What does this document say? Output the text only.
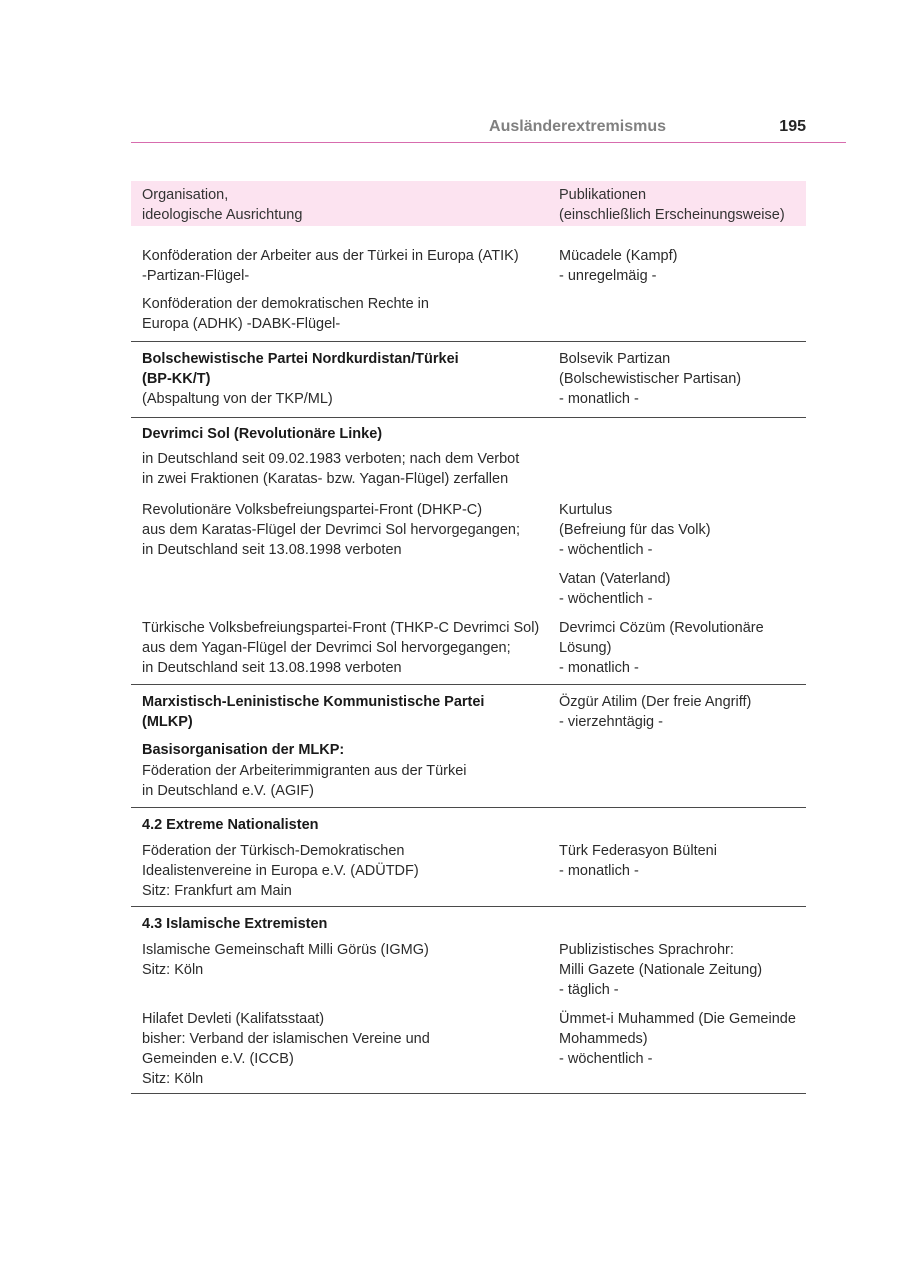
Ausländerextremismus	195
Organisation,
ideologische Ausrichtung
Publikationen
(einschließlich Erscheinungsweise)

Konföderation der Arbeiter aus der Türkei in Europa (ATIK)

-Partizan-Flügel-

Mücadele (Kampf)

- unregelmäig -

Konföderation der demokratischen Rechte in

Europa (ADHK) -DABK-Flügel-

Bolschewistische Partei Nordkurdistan/Türkei

(BP-KK/T)

(Abspaltung von der TKP/ML)

Bolsevik Partizan

(Bolschewistischer Partisan)

- monatlich -

Devrimci Sol (Revolutionäre Linke)

in Deutschland seit 09.02.1983 verboten; nach dem Verbot

in zwei Fraktionen (Karatas- bzw. Yagan-Flügel) zerfallen

Revolutionäre Volksbefreiungspartei-Front (DHKP-C)

aus dem Karatas-Flügel der Devrimci Sol hervorgegangen;

in Deutschland seit 13.08.1998 verboten

Kurtulus

(Befreiung für das Volk)

- wöchentlich -

Vatan (Vaterland)

- wöchentlich -

Türkische Volksbefreiungspartei-Front (THKP-C Devrimci Sol)

aus dem Yagan-Flügel der Devrimci Sol hervorgegangen;

in Deutschland seit 13.08.1998 verboten

Devrimci Cözüm (Revolutionäre

Lösung)

- monatlich -

Marxistisch-Leninistische Kommunistische Partei

(MLKP)

Özgür Atilim (Der freie Angriff)

- vierzehntägig -

Basisorganisation der MLKP:

Föderation der Arbeiterimmigranten aus der Türkei

in Deutschland e.V. (AGIF)

4.2 Extreme Nationalisten

Föderation der Türkisch-Demokratischen

Idealistenvereine in Europa e.V. (ADÜTDF)

Sitz: Frankfurt am Main

Türk Federasyon Bülteni

- monatlich -

4.3 Islamische Extremisten

Islamische Gemeinschaft Milli Görüs (IGMG)

Sitz: Köln

Publizistisches Sprachrohr:

Milli Gazete (Nationale Zeitung)

- täglich -

Hilafet Devleti (Kalifatsstaat)

bisher: Verband der islamischen Vereine und

Gemeinden e.V. (ICCB)

Sitz: Köln

Ümmet-i Muhammed (Die Gemeinde

Mohammeds)

- wöchentlich -
